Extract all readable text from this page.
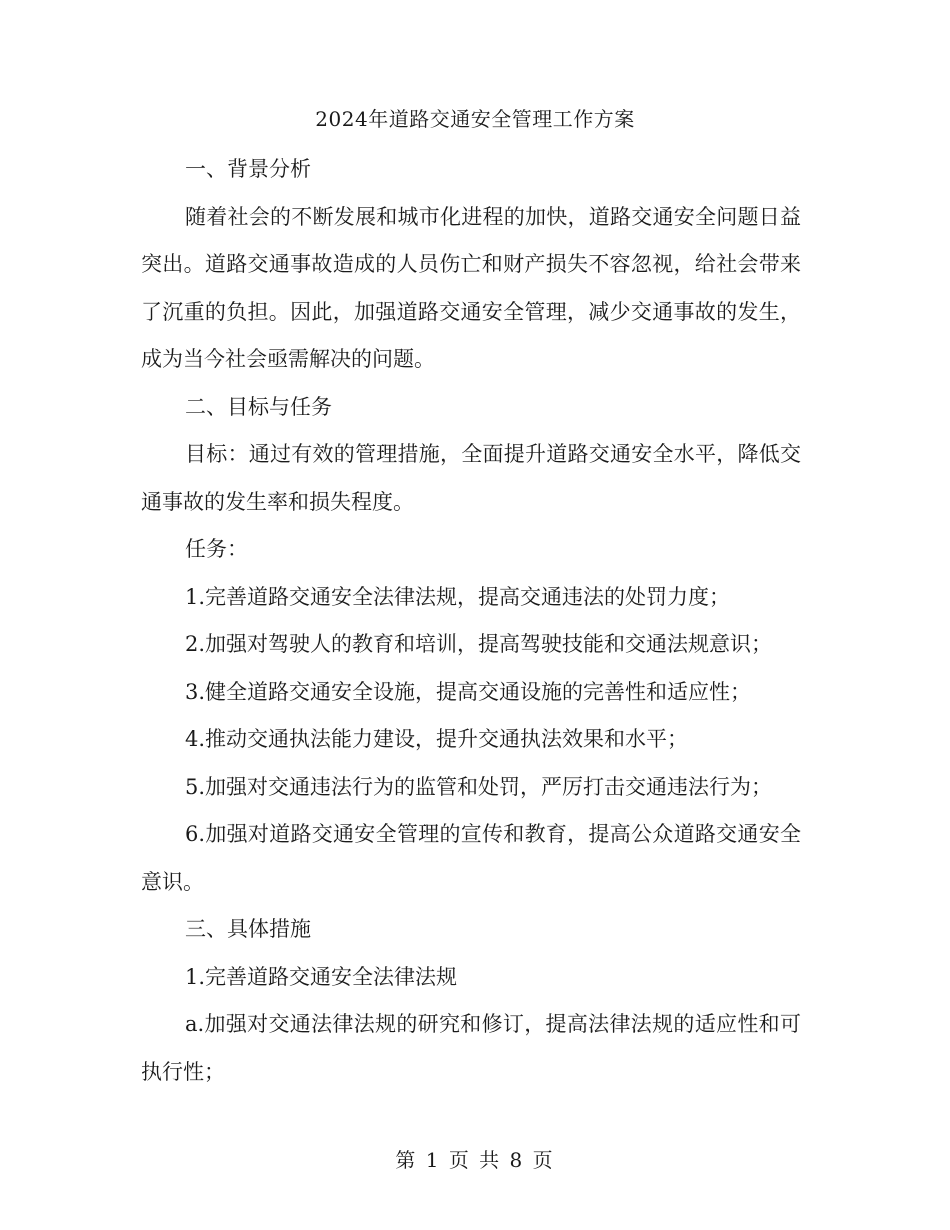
2024年道路交通安全管理工作方案

一、背景分析

随着社会的不断发展和城市化进程的加快，道路交通安全问题日益突出。道路交通事故造成的人员伤亡和财产损失不容忽视，给社会带来了沉重的负担。因此，加强道路交通安全管理，减少交通事故的发生，成为当今社会亟需解决的问题。

二、目标与任务

目标：通过有效的管理措施，全面提升道路交通安全水平，降低交通事故的发生率和损失程度。

任务：

1.完善道路交通安全法律法规，提高交通违法的处罚力度；

2.加强对驾驶人的教育和培训，提高驾驶技能和交通法规意识；

3.健全道路交通安全设施，提高交通设施的完善性和适应性；

4.推动交通执法能力建设，提升交通执法效果和水平；

5.加强对交通违法行为的监管和处罚，严厉打击交通违法行为；

6.加强对道路交通安全管理的宣传和教育，提高公众道路交通安全意识。

三、具体措施

1.完善道路交通安全法律法规

a.加强对交通法律法规的研究和修订，提高法律法规的适应性和可执行性；

第 1 页 共 8 页
